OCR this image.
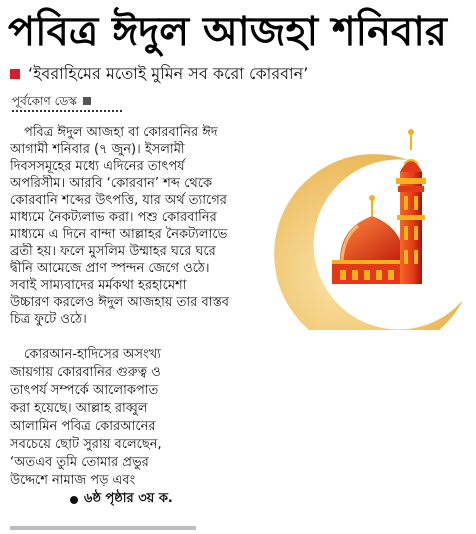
পবিত্র ঈদুল আজহা শনিবার
‘ইবরাহিমের মতোই মুমিন সব করো কোরবান’
পূর্বকোণ ডেস্ক
পবিত্র ঈদুল আজহা বা কোরবানির ঈদ
আগামী শনিবার (৭ জুন)। ইসলামী
দিবসসমূহের মধ্যে এদিনের তাৎপর্য
অপরিসীম। আরবি ‘কোরবান’ শব্দ থেকে
কোরবানি শব্দের উৎপত্তি, যার অর্থ ত্যাগের
মাধ্যমে নৈকট্যলাভ করা। পশু কোরবানির
মাধ্যমে এ দিনে বান্দা আল্লাহর নৈকট্যলাভে
ব্রতী হয়। ফলে মুসলিম উম্মাহর ঘরে ঘরে
দ্বীনি আমেজে প্রাণ স্পন্দন জেগে ওঠে।
সবাই সাম্যবাদের মর্মকথা হরহামেশা
উচ্চারণ করলেও ঈদুল আজহায় তার বাস্তব
চিত্র ফুটে ওঠে।
কোরআন-হাদিসের অসংখ্য
জায়গায় কোরবানির গুরুত্ব ও
তাৎপর্য সম্পর্কে আলোকপাত
করা হয়েছে। আল্লাহ রাব্বুল
আলামিন পবিত্র কোরআনের
সবচেয়ে ছোট সুরায় বলেছেন,
‘অতএব তুমি তোমার প্রভুর
উদ্দেশে নামাজ পড় এবং
৬ষ্ঠ পৃষ্ঠার ৩য় ক.
